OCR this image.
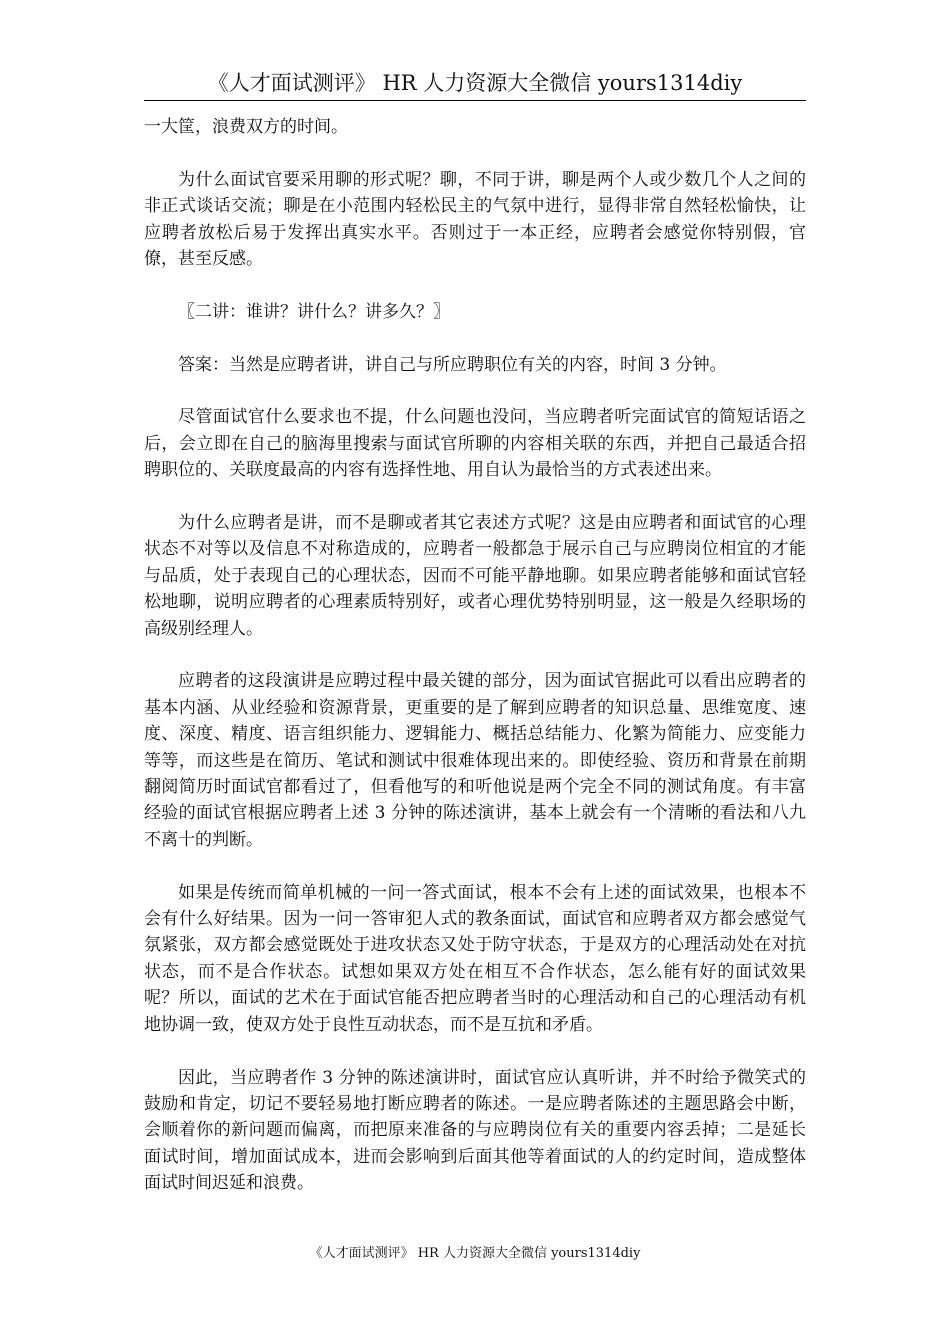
《人才面试测评》 HR 人力资源大全微信 yours1314diy

一大筐，浪费双方的时间。

为什么面试官要采用聊的形式呢？聊，不同于讲，聊是两个人或少数几个人之间的非正式谈话交流；聊是在小范围内轻松民主的气氛中进行，显得非常自然轻松愉快，让应聘者放松后易于发挥出真实水平。否则过于一本正经，应聘者会感觉你特别假，官僚，甚至反感。

〖二讲：谁讲？讲什么？讲多久？〗

答案：当然是应聘者讲，讲自己与所应聘职位有关的内容，时间 3 分钟。

尽管面试官什么要求也不提，什么问题也没问，当应聘者听完面试官的简短话语之后，会立即在自己的脑海里搜索与面试官所聊的内容相关联的东西，并把自己最适合招聘职位的、关联度最高的内容有选择性地、用自认为最恰当的方式表述出来。

为什么应聘者是讲，而不是聊或者其它表述方式呢？这是由应聘者和面试官的心理状态不对等以及信息不对称造成的，应聘者一般都急于展示自己与应聘岗位相宜的才能与品质，处于表现自己的心理状态，因而不可能平静地聊。如果应聘者能够和面试官轻松地聊，说明应聘者的心理素质特别好，或者心理优势特别明显，这一般是久经职场的高级别经理人。

应聘者的这段演讲是应聘过程中最关键的部分，因为面试官据此可以看出应聘者的基本内涵、从业经验和资源背景，更重要的是了解到应聘者的知识总量、思维宽度、速度、深度、精度、语言组织能力、逻辑能力、概括总结能力、化繁为简能力、应变能力等等，而这些是在简历、笔试和测试中很难体现出来的。即使经验、资历和背景在前期翻阅简历时面试官都看过了，但看他写的和听他说是两个完全不同的测试角度。有丰富经验的面试官根据应聘者上述 3 分钟的陈述演讲，基本上就会有一个清晰的看法和八九不离十的判断。

如果是传统而简单机械的一问一答式面试，根本不会有上述的面试效果，也根本不会有什么好结果。因为一问一答审犯人式的教条面试，面试官和应聘者双方都会感觉气氛紧张，双方都会感觉既处于进攻状态又处于防守状态，于是双方的心理活动处在对抗状态，而不是合作状态。试想如果双方处在相互不合作状态，怎么能有好的面试效果呢？所以，面试的艺术在于面试官能否把应聘者当时的心理活动和自己的心理活动有机地协调一致，使双方处于良性互动状态，而不是互抗和矛盾。

因此，当应聘者作 3 分钟的陈述演讲时，面试官应认真听讲，并不时给予微笑式的鼓励和肯定，切记不要轻易地打断应聘者的陈述。一是应聘者陈述的主题思路会中断，会顺着你的新问题而偏离，而把原来准备的与应聘岗位有关的重要内容丢掉；二是延长面试时间，增加面试成本，进而会影响到后面其他等着面试的人的约定时间，造成整体面试时间迟延和浪费。

《人才面试测评》 HR 人力资源大全微信 yours1314diy
